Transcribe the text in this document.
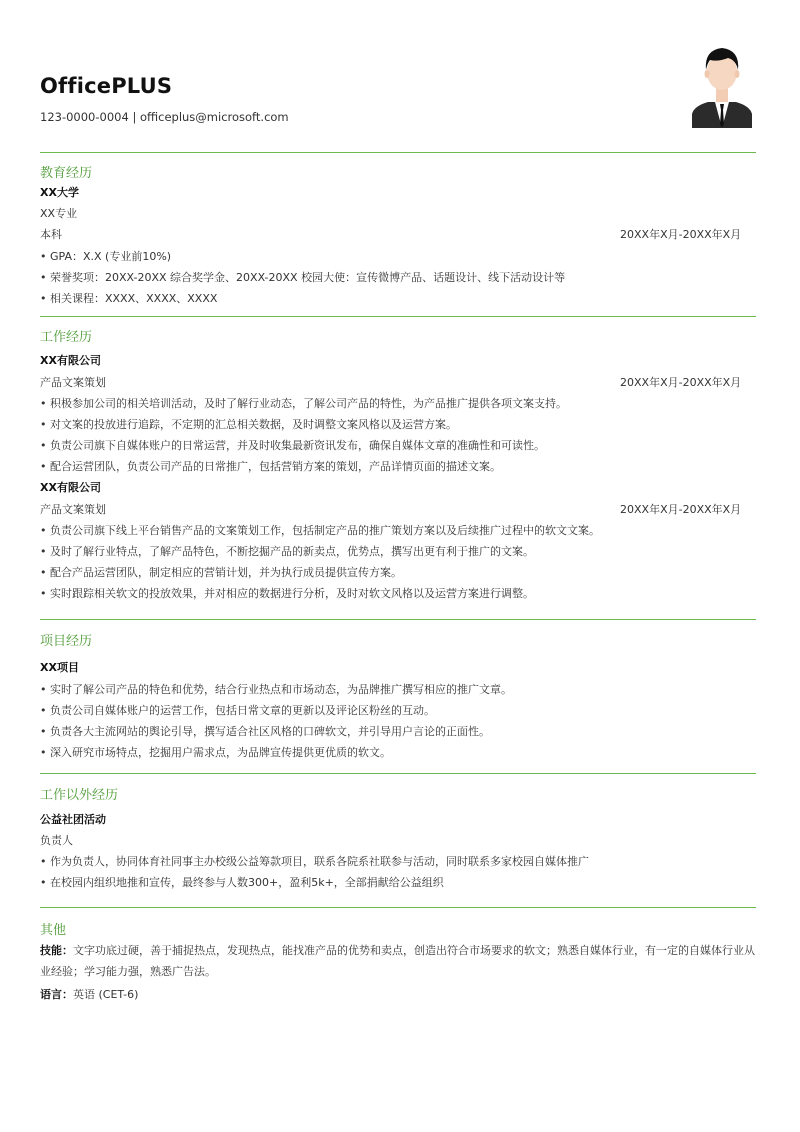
OfficePLUS
123-0000-0004 | officeplus@microsoft.com
教育经历
XX大学
XX专业
本科	20XX年X月-20XX年X月
• GPA：X.X (专业前10%)
• 荣誉奖项：20XX-20XX 综合奖学金、20XX-20XX 校园大使：宣传微博产品、话题设计、线下活动设计等
• 相关课程：XXXX、XXXX、XXXX
工作经历
XX有限公司
产品文案策划	20XX年X月-20XX年X月
• 积极参加公司的相关培训活动，及时了解行业动态，了解公司产品的特性，为产品推广提供各项文案支持。
• 对文案的投放进行追踪，不定期的汇总相关数据，及时调整文案风格以及运营方案。
• 负责公司旗下自媒体账户的日常运营，并及时收集最新资讯发布，确保自媒体文章的准确性和可读性。
• 配合运营团队，负责公司产品的日常推广，包括营销方案的策划，产品详情页面的描述文案。
XX有限公司
产品文案策划	20XX年X月-20XX年X月
• 负责公司旗下线上平台销售产品的文案策划工作，包括制定产品的推广策划方案以及后续推广过程中的软文文案。
• 及时了解行业特点，了解产品特色，不断挖掘产品的新卖点，优势点，撰写出更有利于推广的文案。
• 配合产品运营团队，制定相应的营销计划，并为执行成员提供宣传方案。
• 实时跟踪相关软文的投放效果，并对相应的数据进行分析，及时对软文风格以及运营方案进行调整。
项目经历
XX项目
• 实时了解公司产品的特色和优势，结合行业热点和市场动态，为品牌推广撰写相应的推广文章。
• 负责公司自媒体账户的运营工作，包括日常文章的更新以及评论区粉丝的互动。
• 负责各大主流网站的舆论引导，撰写适合社区风格的口碑软文，并引导用户言论的正面性。
• 深入研究市场特点，挖掘用户需求点，为品牌宣传提供更优质的软文。
工作以外经历
公益社团活动
负责人
• 作为负责人，协同体育社同事主办校级公益筹款项目，联系各院系社联参与活动，同时联系多家校园自媒体推广
• 在校园内组织地推和宣传，最终参与人数300+，盈利5k+，全部捐献给公益组织
其他
技能：文字功底过硬，善于捕捉热点，发现热点，能找准产品的优势和卖点，创造出符合市场要求的软文；熟悉自媒体行业，有一定的自媒体行业从业经验；学习能力强，熟悉广告法。
语言：英语 (CET-6)
